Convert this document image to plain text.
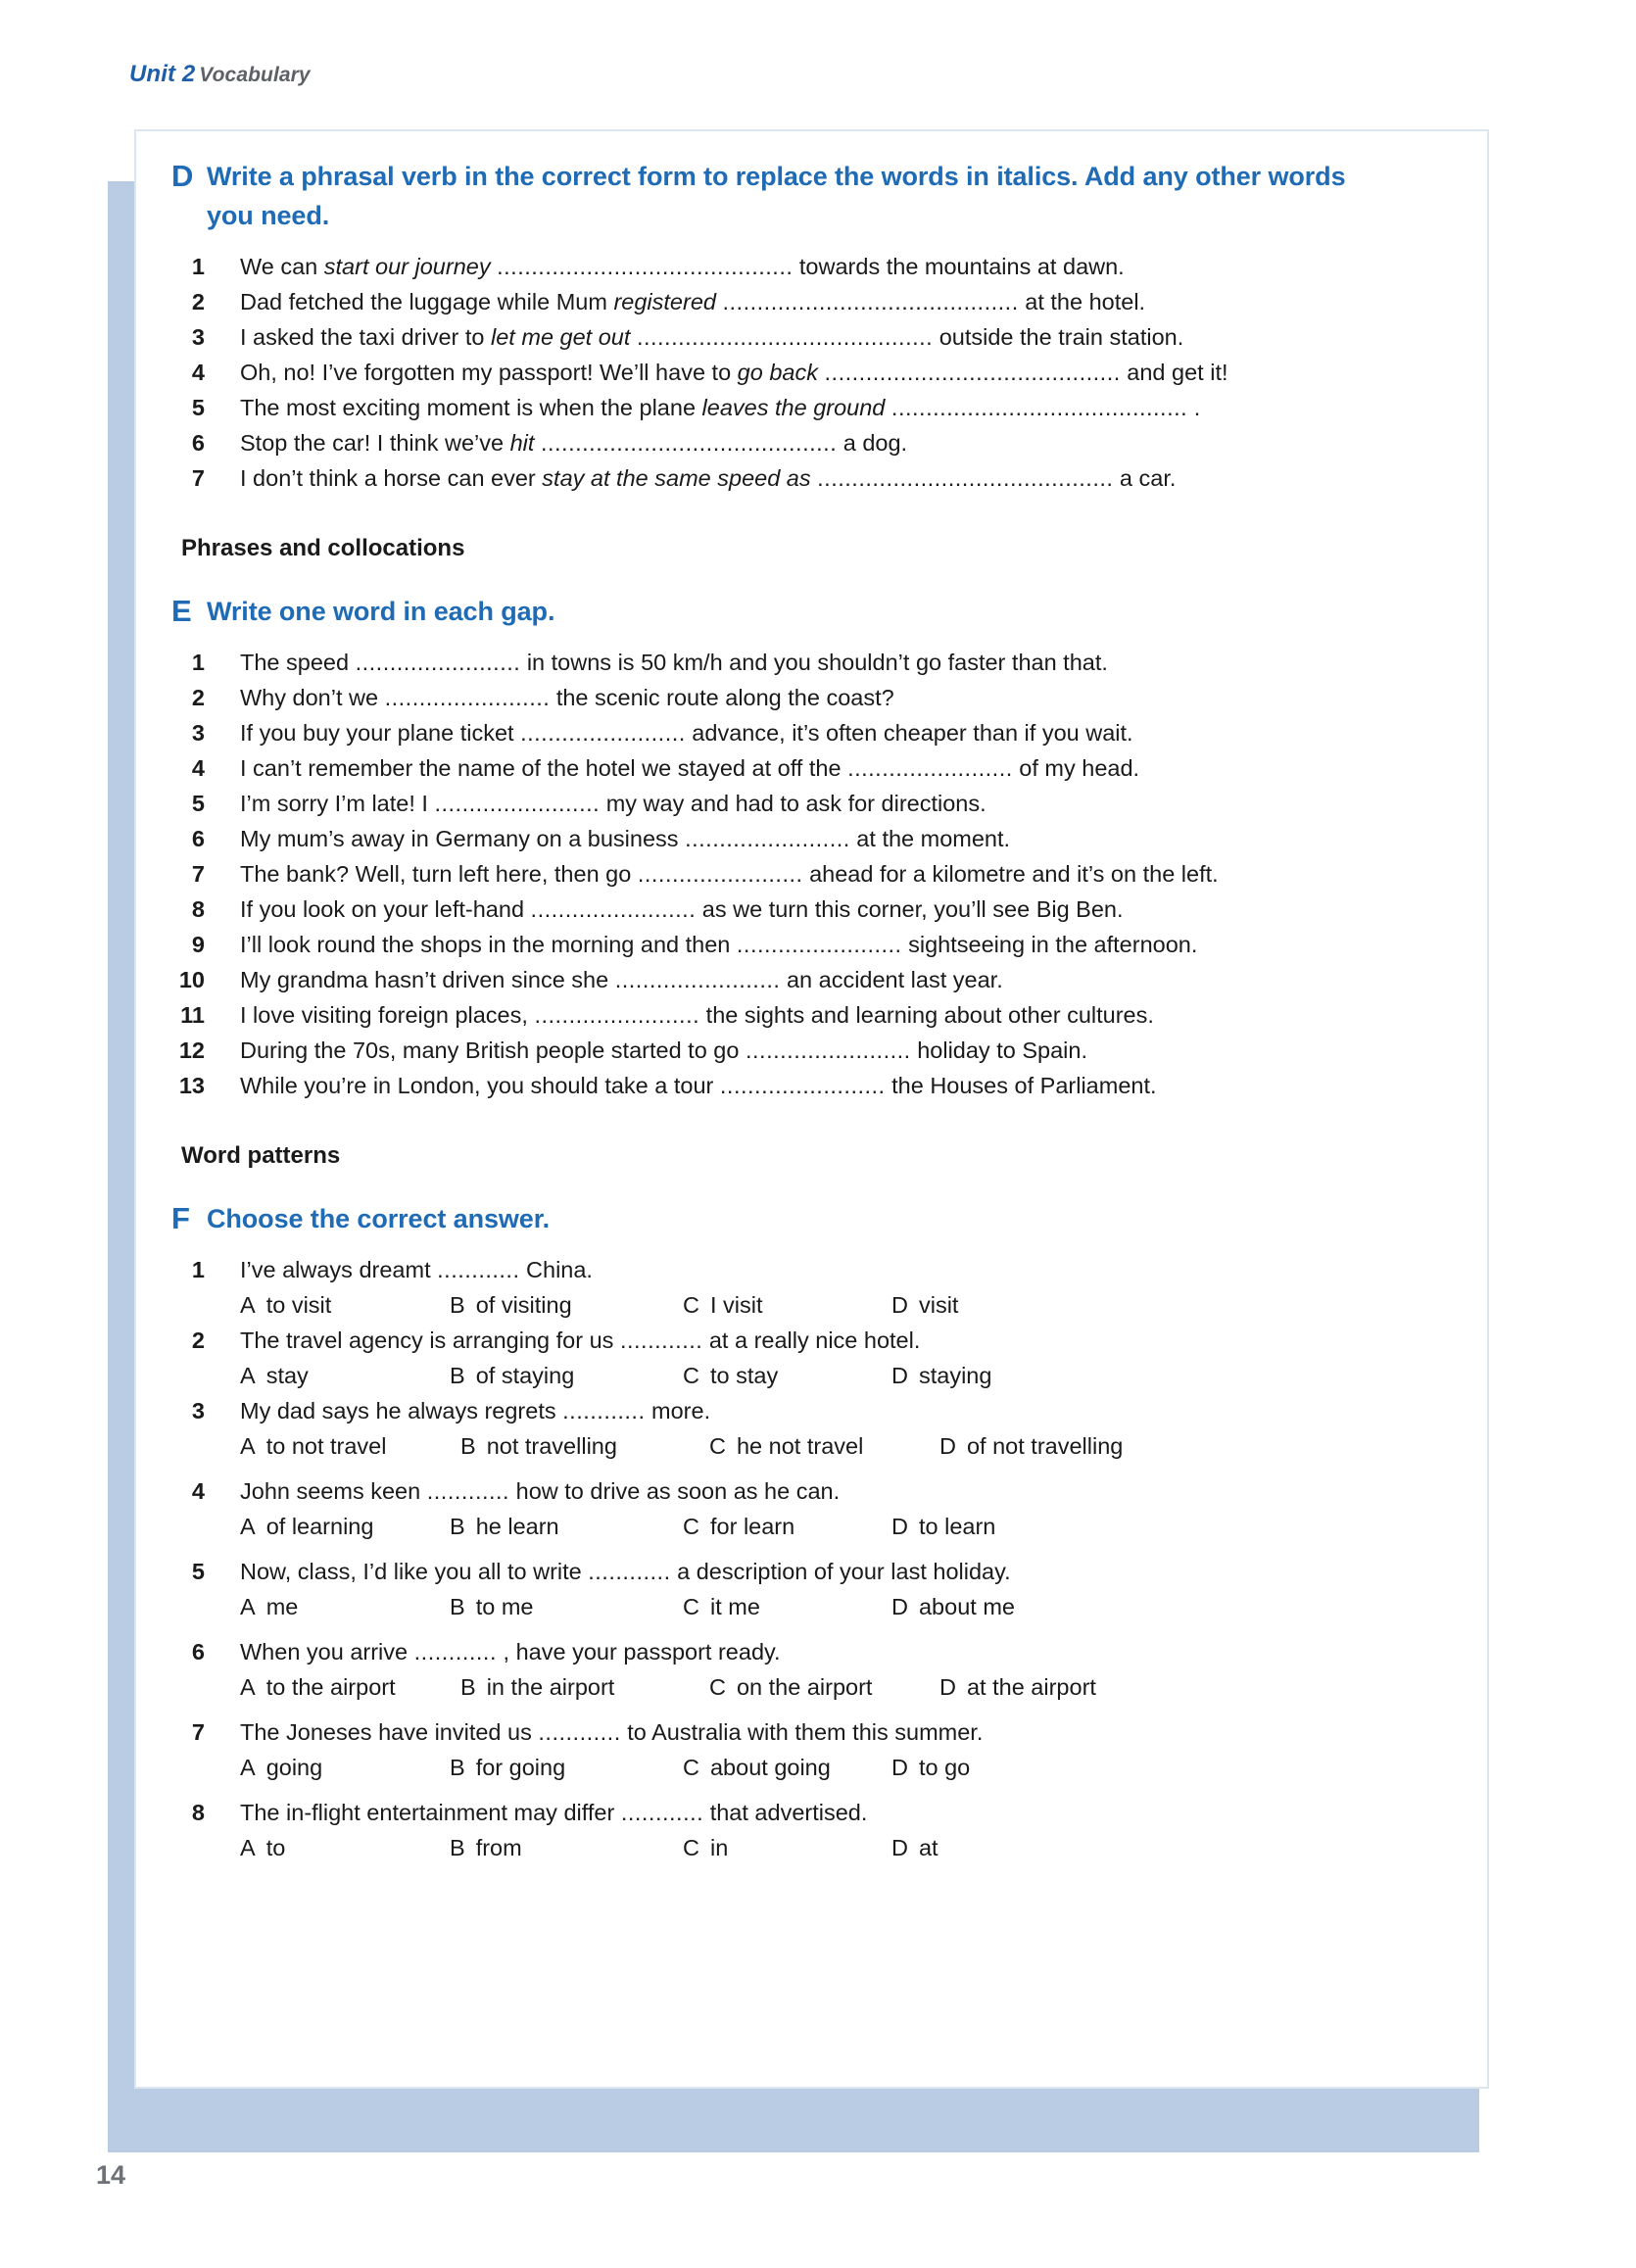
Unit 2 Vocabulary
D Write a phrasal verb in the correct form to replace the words in italics. Add any other words you need.
1	We can start our journey .....	towards the mountains at dawn.
2	Dad fetched the luggage while Mum registered .....	at the hotel.
3	I asked the taxi driver to let me get out .....	outside the train station.
4	Oh, no! I’ve forgotten my passport! We’ll have to go back .....	and get it!
5	The most exciting moment is when the plane leaves the ground .....	.
6	Stop the car! I think we’ve hit .....	a dog.
7	I don’t think a horse can ever stay at the same speed as .....	a car.
Phrases and collocations
E Write one word in each gap.
1	The speed .....	in towns is 50 km/h and you shouldn’t go faster than that.
2	Why don’t we .....	the scenic route along the coast?
3	If you buy your plane ticket .....	advance, it’s often cheaper than if you wait.
4	I can’t remember the name of the hotel we stayed at off the .....	of my head.
5	I’m sorry I’m late! I .....	my way and had to ask for directions.
6	My mum’s away in Germany on a business .....	at the moment.
7	The bank? Well, turn left here, then go .....	ahead for a kilometre and it’s on the left.
8	If you look on your left-hand .....	as we turn this corner, you’ll see Big Ben.
9	I’ll look round the shops in the morning and then .....	sightseeing in the afternoon.
10	My grandma hasn’t driven since she .....	an accident last year.
11	I love visiting foreign places, .....	the sights and learning about other cultures.
12	During the 70s, many British people started to go .....	holiday to Spain.
13	While you’re in London, you should take a tour .....	the Houses of Parliament.
Word patterns
F Choose the correct answer.
1	I’ve always dreamt .....	China.
A to visit	B of visiting	C I visit	D visit
2	The travel agency is arranging for us .....	at a really nice hotel.
A stay	B of staying	C to stay	D staying
3	My dad says he always regrets .....	more.
A to not travel	B not travelling	C he not travel	D of not travelling
4	John seems keen .....	how to drive as soon as he can.
A of learning	B he learn	C for learn	D to learn
5	Now, class, I’d like you all to write .....	a description of your last holiday.
A me	B to me	C it me	D about me
6	When you arrive .....	, have your passport ready.
A to the airport	B in the airport	C on the airport	D at the airport
7	The Joneses have invited us .....	to Australia with them this summer.
A going	B for going	C about going	D to go
8	The in-flight entertainment may differ .....	that advertised.
A to	B from	C in	D at
14
